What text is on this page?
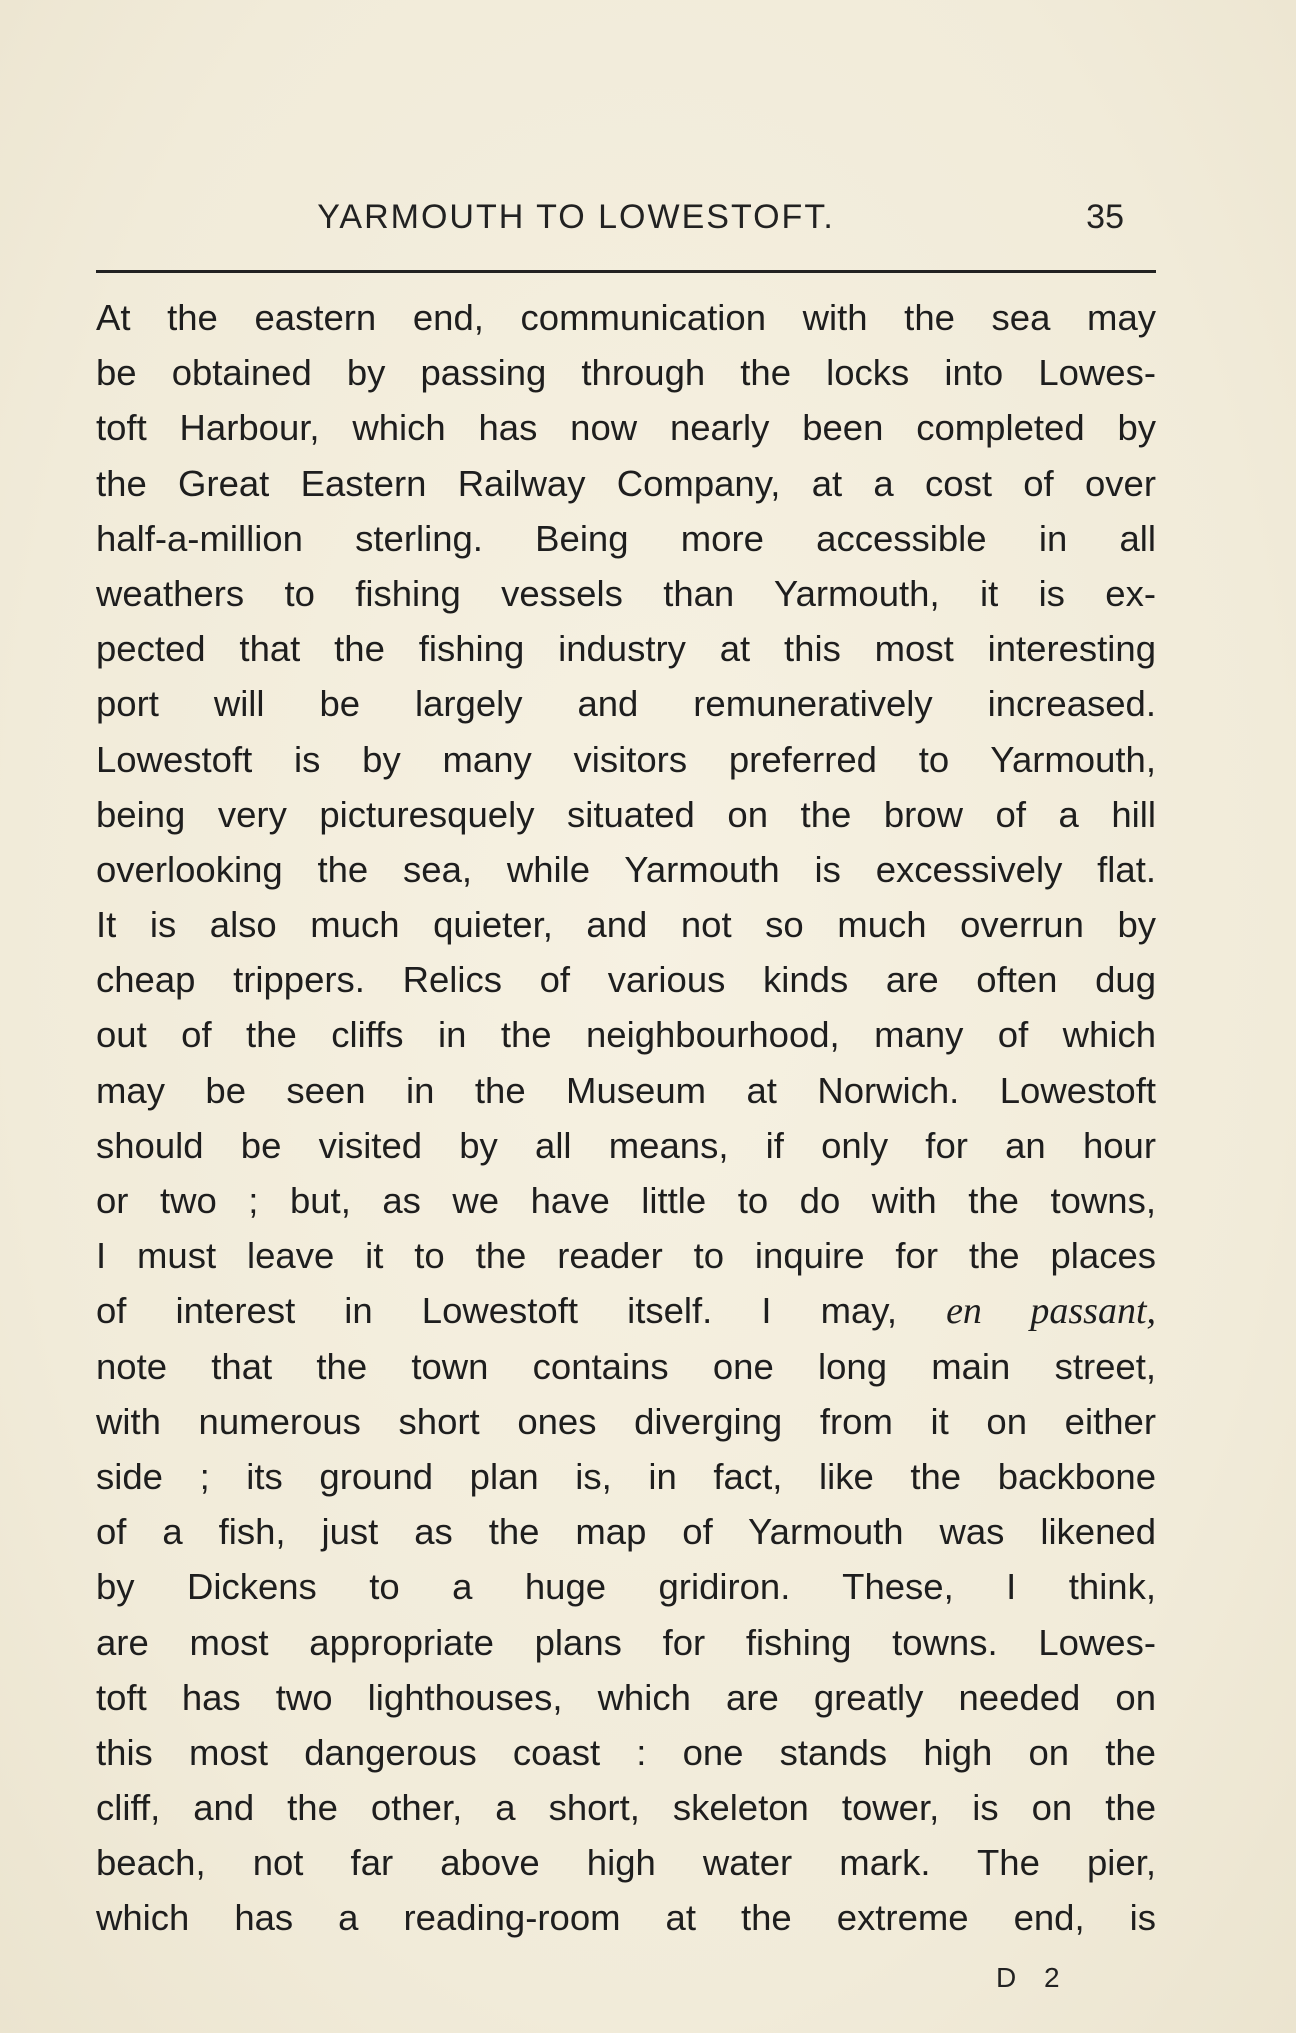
YARMOUTH TO LOWESTOFT.	35
At the eastern end, communication with the sea may
be obtained by passing through the locks into Lowes-
toft Harbour, which has now nearly been completed by
the Great Eastern Railway Company, at a cost of over
half-a-million sterling. Being more accessible in all
weathers to fishing vessels than Yarmouth, it is ex-
pected that the fishing industry at this most interesting
port will be largely and remuneratively increased.
Lowestoft is by many visitors preferred to Yarmouth,
being very picturesquely situated on the brow of a hill
overlooking the sea, while Yarmouth is excessively flat.
It is also much quieter, and not so much overrun by
cheap trippers. Relics of various kinds are often dug
out of the cliffs in the neighbourhood, many of which
may be seen in the Museum at Norwich. Lowestoft
should be visited by all means, if only for an hour
or two ; but, as we have little to do with the towns,
I must leave it to the reader to inquire for the places
of interest in Lowestoft itself. I may, en passant,
note that the town contains one long main street,
with numerous short ones diverging from it on either
side ; its ground plan is, in fact, like the backbone
of a fish, just as the map of Yarmouth was likened
by Dickens to a huge gridiron. These, I think,
are most appropriate plans for fishing towns. Lowes-
toft has two lighthouses, which are greatly needed on
this most dangerous coast : one stands high on the
cliff, and the other, a short, skeleton tower, is on the
beach, not far above high water mark. The pier,
which has a reading-room at the extreme end, is
D 2
